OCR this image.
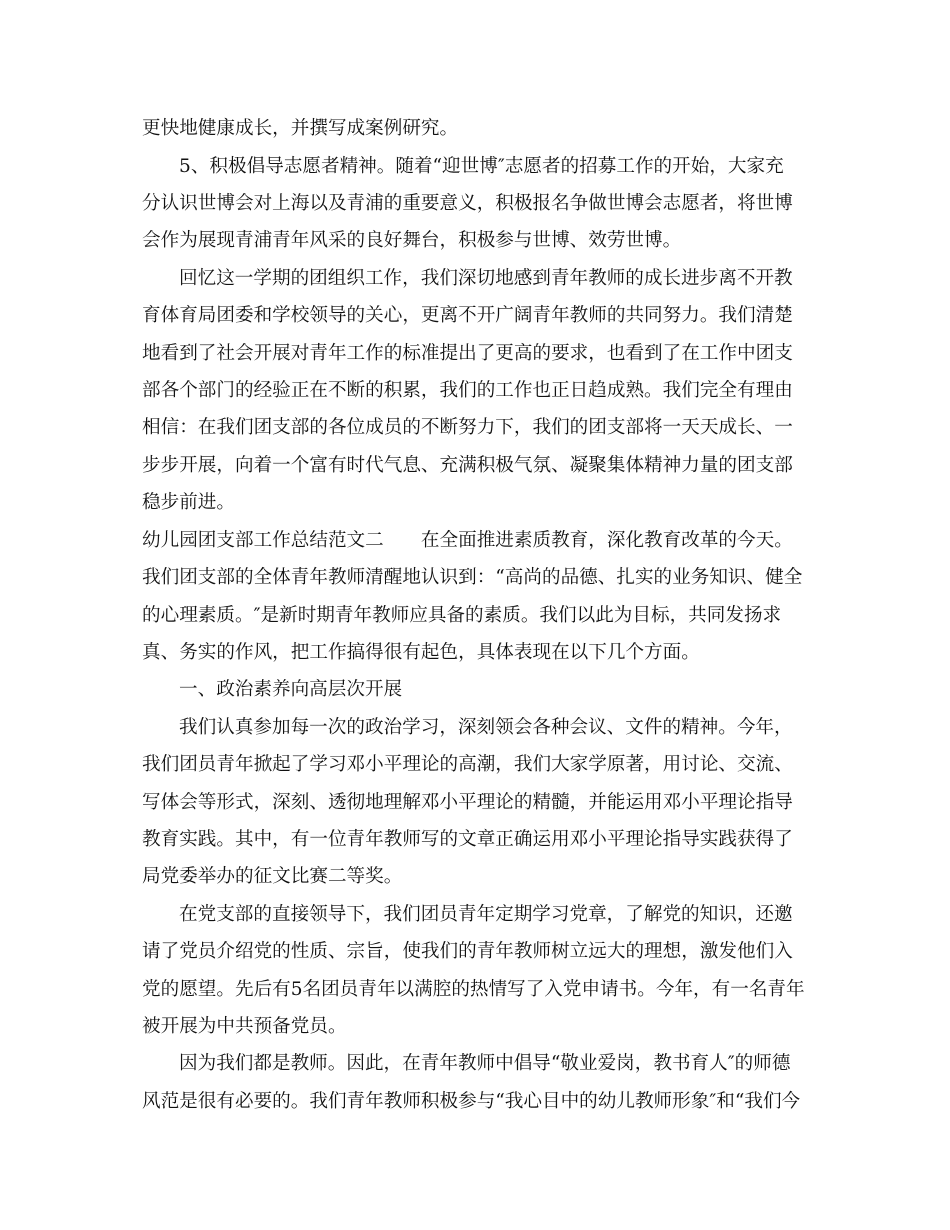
更快地健康成长，并撰写成案例研究。
5、积极倡导志愿者精神。随着“迎世博″志愿者的招募工作的开始，大家充
分认识世博会对上海以及青浦的重要意义，积极报名争做世博会志愿者，将世博
会作为展现青浦青年风采的良好舞台，积极参与世博、效劳世博。
回忆这一学期的团组织工作，我们深切地感到青年教师的成长进步离不开教
育体育局团委和学校领导的关心，更离不开广阔青年教师的共同努力。我们清楚
地看到了社会开展对青年工作的标准提出了更高的要求，也看到了在工作中团支
部各个部门的经验正在不断的积累，我们的工作也正日趋成熟。我们完全有理由
相信：在我们团支部的各位成员的不断努力下，我们的团支部将一天天成长、一
步步开展，向着一个富有时代气息、充满积极气氛、凝聚集体精神力量的团支部
稳步前进。
幼儿园团支部工作总结范文二　　在全面推进素质教育，深化教育改革的今天。
我们团支部的全体青年教师清醒地认识到：“高尚的品德、扎实的业务知识、健全
的心理素质。″是新时期青年教师应具备的素质。我们以此为目标，共同发扬求
真、务实的作风，把工作搞得很有起色，具体表现在以下几个方面。
一、政治素养向高层次开展
我们认真参加每一次的政治学习，深刻领会各种会议、文件的精神。今年，
我们团员青年掀起了学习邓小平理论的高潮，我们大家学原著，用讨论、交流、
写体会等形式，深刻、透彻地理解邓小平理论的精髓，并能运用邓小平理论指导
教育实践。其中，有一位青年教师写的文章正确运用邓小平理论指导实践获得了
局党委举办的征文比赛二等奖。
在党支部的直接领导下，我们团员青年定期学习党章，了解党的知识，还邀
请了党员介绍党的性质、宗旨，使我们的青年教师树立远大的理想，激发他们入
党的愿望。先后有5名团员青年以满腔的热情写了入党申请书。今年，有一名青年
被开展为中共预备党员。
因为我们都是教师。因此，在青年教师中倡导“敬业爱岗，教书育人″的师德
风范是很有必要的。我们青年教师积极参与“我心目中的幼儿教师形象″和“我们今
